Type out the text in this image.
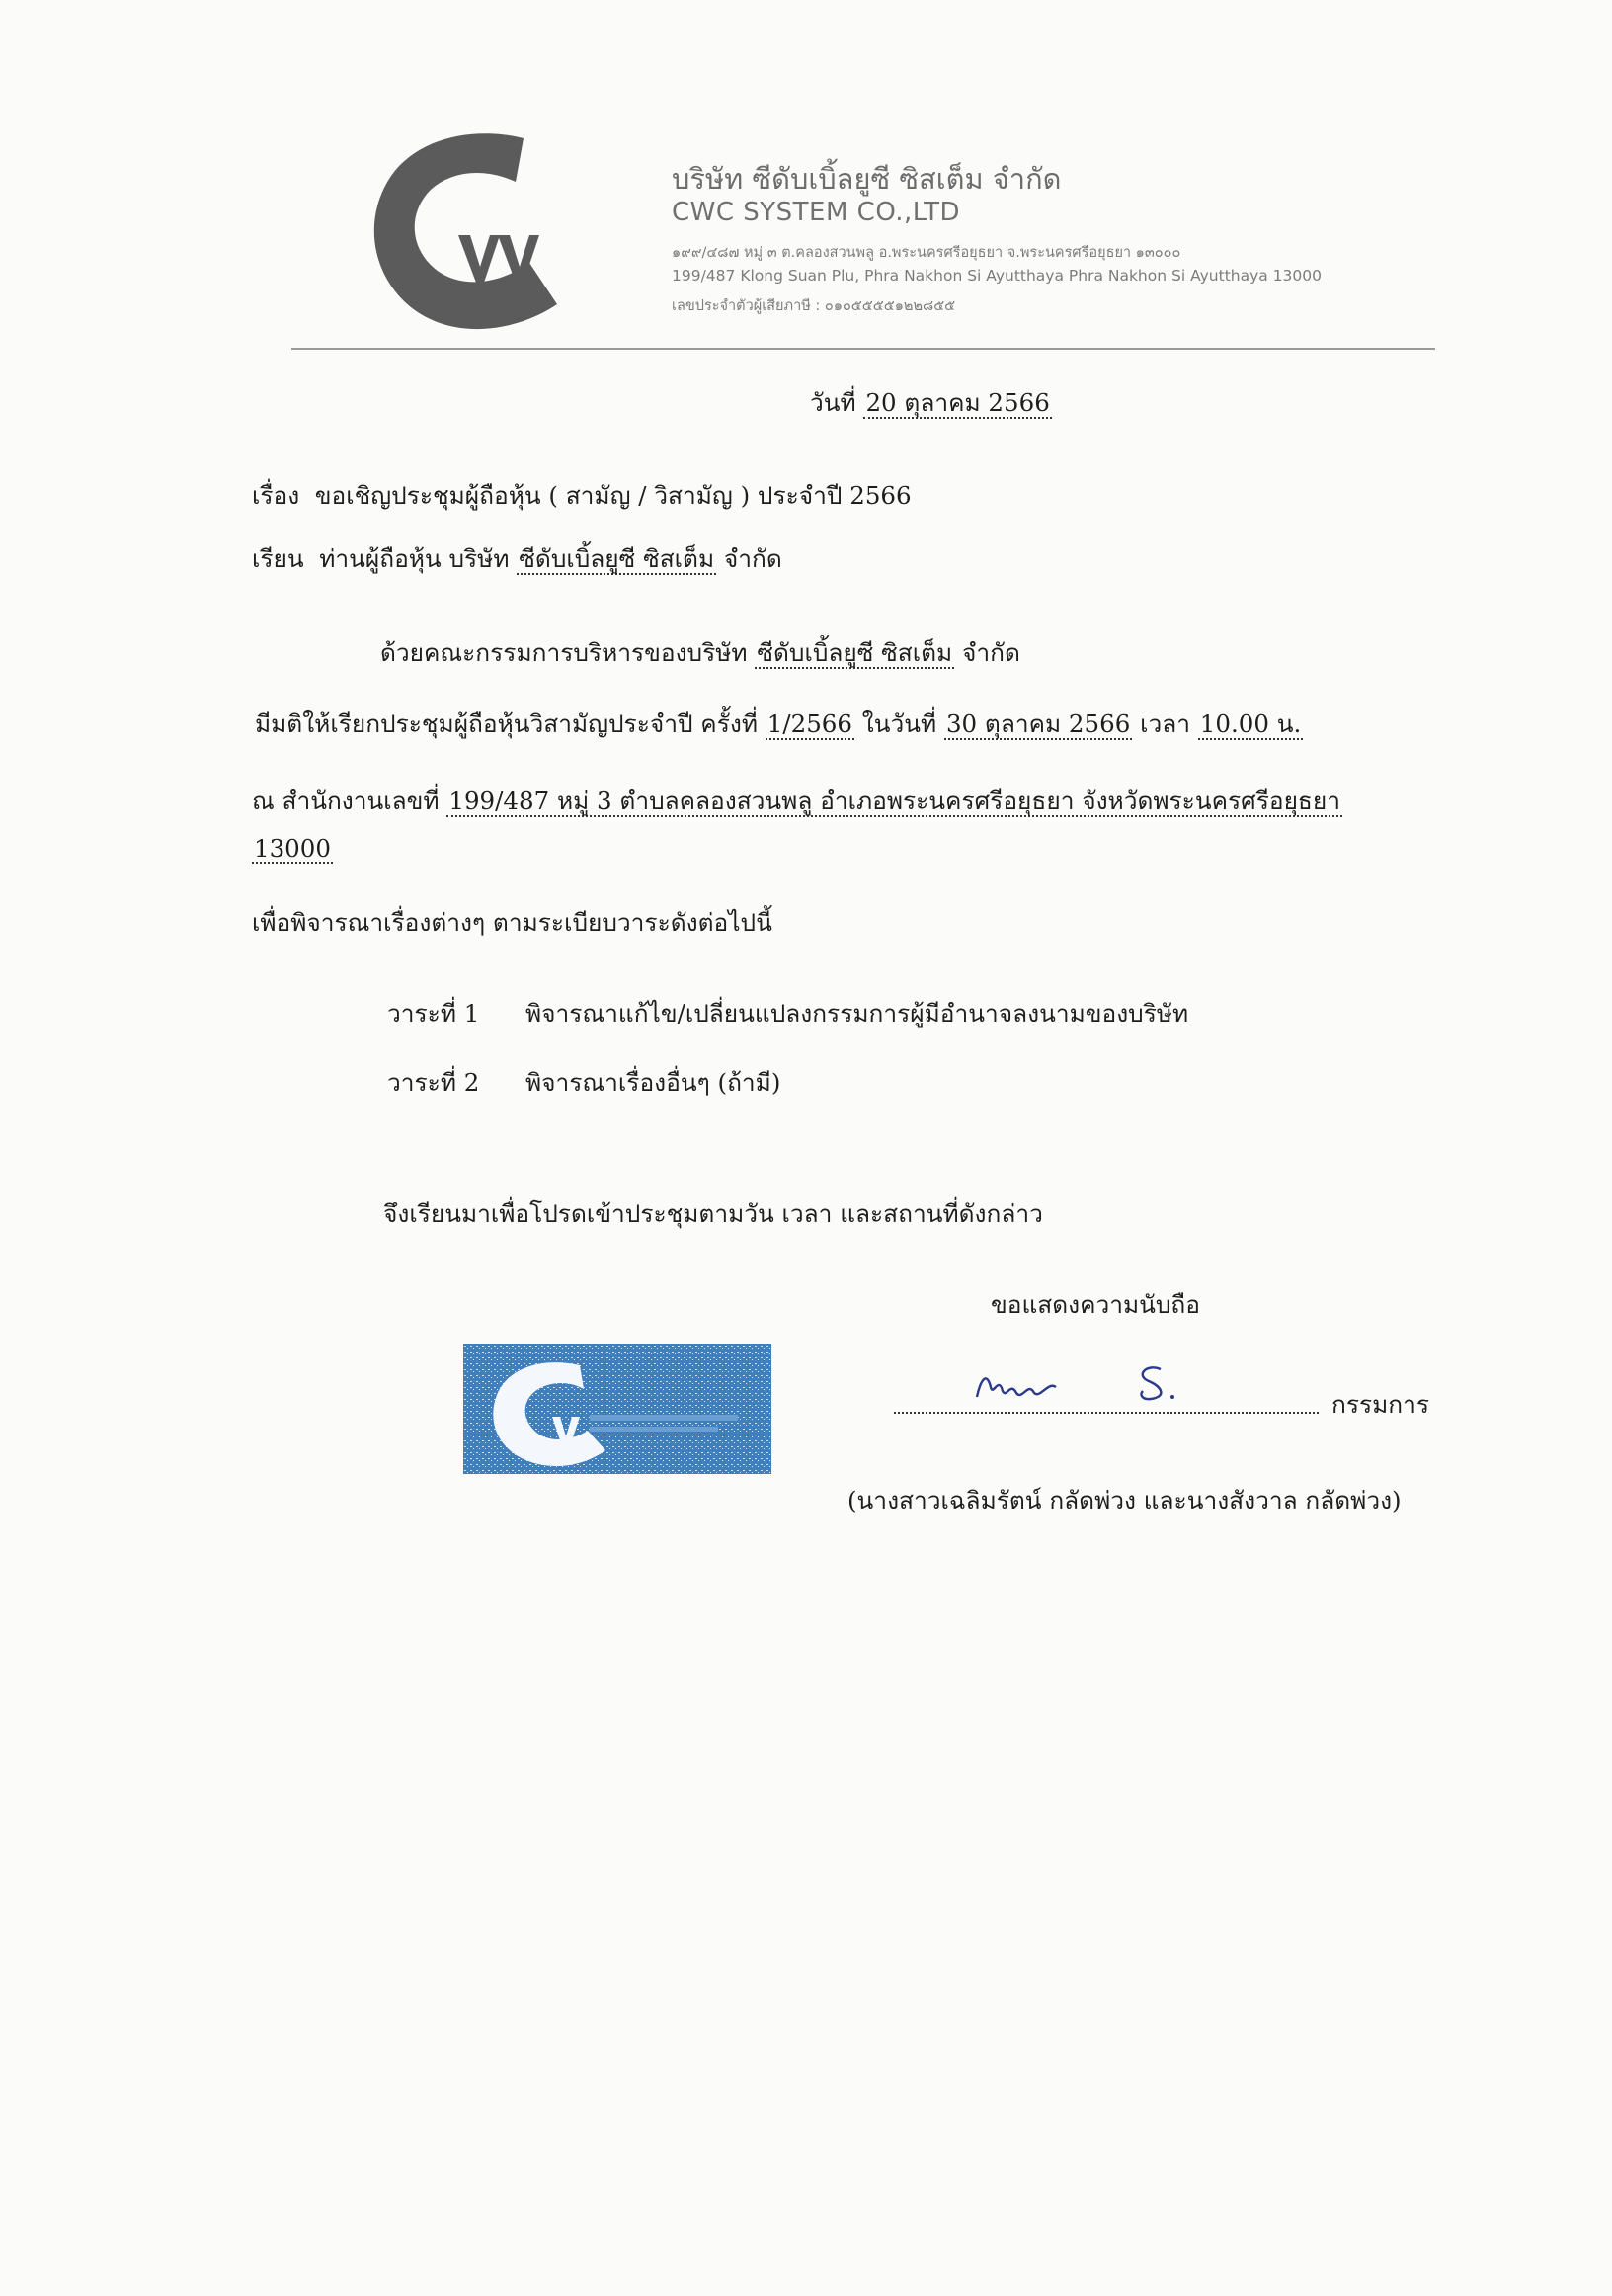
บริษัท ซีดับเบิ้ลยูซี ซิสเต็ม จำกัด
CWC SYSTEM CO.,LTD
๑๙๙/๔๘๗ หมู่ ๓ ต.คลองสวนพลู อ.พระนครศรีอยุธยา จ.พระนครศรีอยุธยา ๑๓๐๐๐
199/487 Klong Suan Plu, Phra Nakhon Si Ayutthaya Phra Nakhon Si Ayutthaya 13000
เลขประจำตัวผู้เสียภาษี : ๐๑๐๕๕๕๕๑๒๒๘๕๕
วันที่ 20 ตุลาคม 2566
เรื่อง ขอเชิญประชุมผู้ถือหุ้น ( สามัญ / วิสามัญ ) ประจำปี 2566
เรียน ท่านผู้ถือหุ้น บริษัท ซีดับเบิ้ลยูซี ซิสเต็ม จำกัด
ด้วยคณะกรรมการบริหารของบริษัท ซีดับเบิ้ลยูซี ซิสเต็ม จำกัด
มีมติให้เรียกประชุมผู้ถือหุ้นวิสามัญประจำปี ครั้งที่ 1/2566 ในวันที่ 30 ตุลาคม 2566 เวลา 10.00 น.
ณ สำนักงานเลขที่ 199/487 หมู่ 3 ตำบลคลองสวนพลู อำเภอพระนครศรีอยุธยา จังหวัดพระนครศรีอยุธยา
13000
เพื่อพิจารณาเรื่องต่างๆ ตามระเบียบวาระดังต่อไปนี้
วาระที่ 1 พิจารณาแก้ไข/เปลี่ยนแปลงกรรมการผู้มีอำนาจลงนามของบริษัท
วาระที่ 2 พิจารณาเรื่องอื่นๆ (ถ้ามี)
จึงเรียนมาเพื่อโปรดเข้าประชุมตามวัน เวลา และสถานที่ดังกล่าว
ขอแสดงความนับถือ
กรรมการ
(นางสาวเฉลิมรัตน์ กลัดพ่วง และนางสังวาล กลัดพ่วง)
